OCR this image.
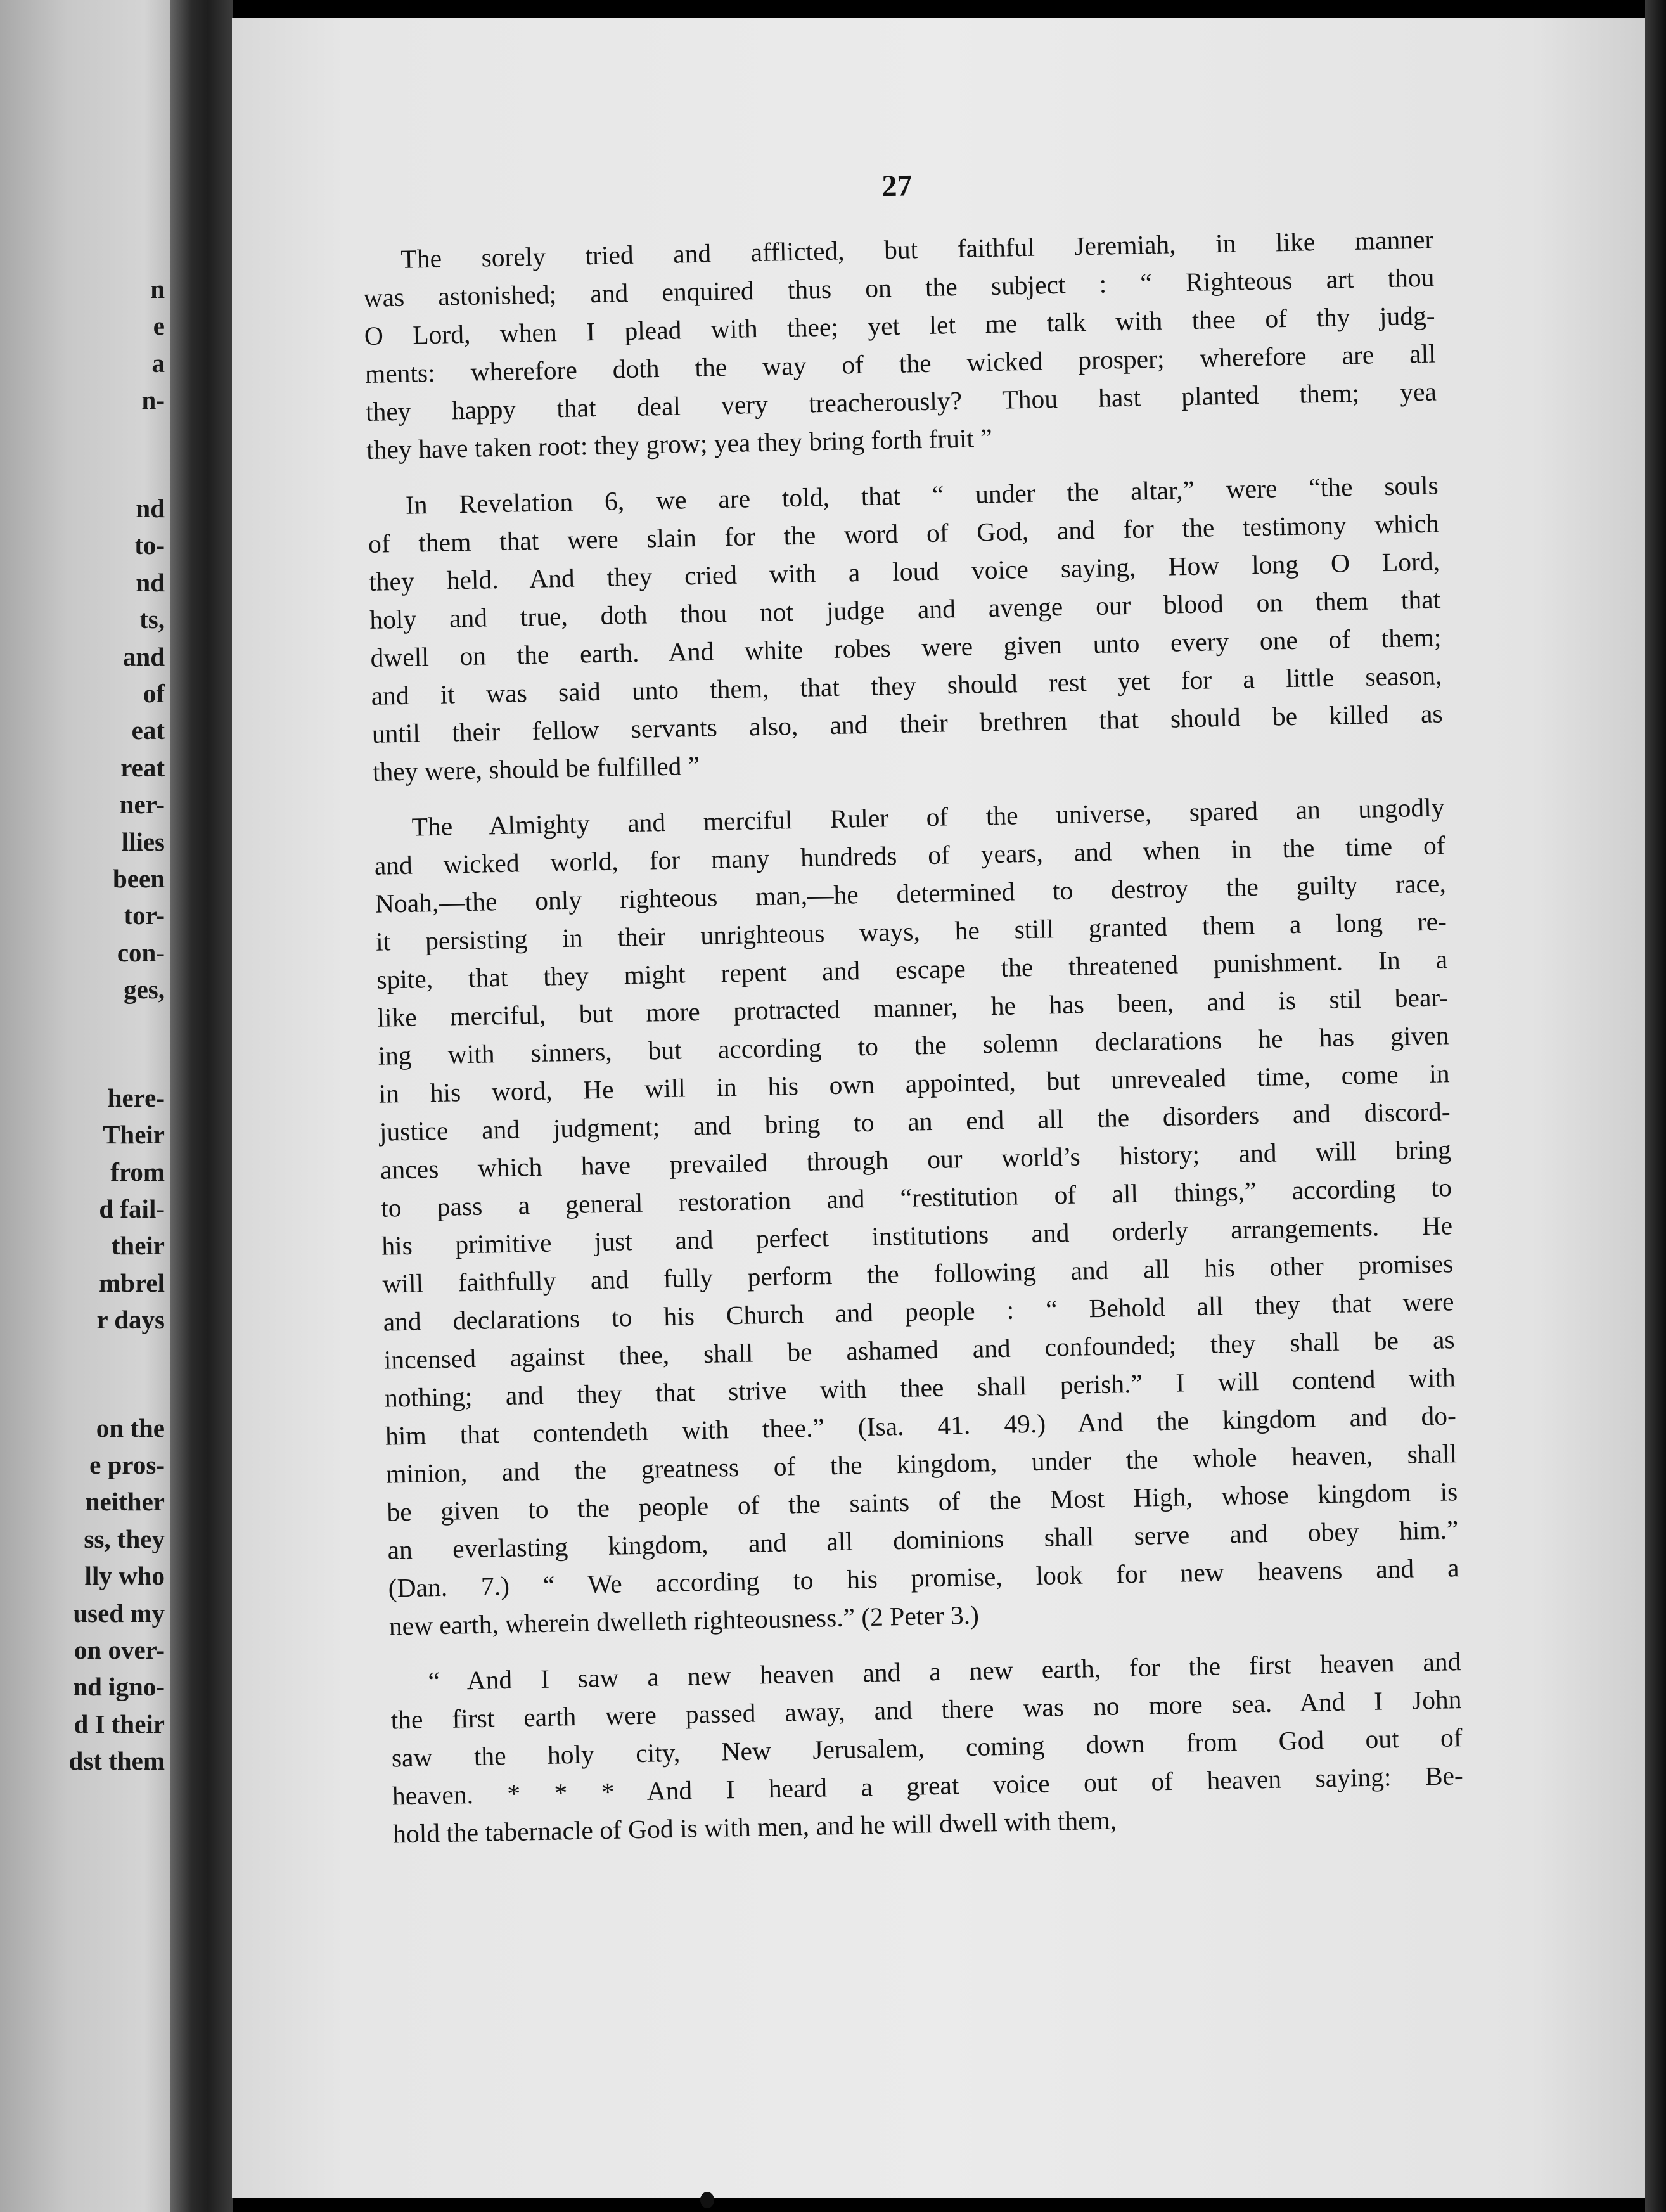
n
e
a
n-
nd
to-
nd
ts,
and
of
eat
reat
ner-
llies
been
tor-
con-
ges,
here-
Their
from
d fail-
their
mbrel
r days
on the
e pros-
neither
ss, they
lly who
used my
on over-
nd igno-
d I their
dst them
27
The sorely tried and afflicted, but faithful Jeremiah, in like manner
was astonished; and enquired thus on the subject : “ Righteous art thou
O Lord, when I plead with thee; yet let me talk with thee of thy judg-
ments: wherefore doth the way of the wicked prosper; wherefore are all
they happy that deal very treacherously? Thou hast planted them; yea
they have taken root: they grow; yea they bring forth fruit ”
In Revelation 6, we are told, that “ under the altar,” were “the souls
of them that were slain for the word of God, and for the testimony which
they held. And they cried with a loud voice saying, How long O Lord,
holy and true, doth thou not judge and avenge our blood on them that
dwell on the earth. And white robes were given unto every one of them;
and it was said unto them, that they should rest yet for a little season,
until their fellow servants also, and their brethren that should be killed as
they were, should be fulfilled ”
The Almighty and merciful Ruler of the universe, spared an ungodly
and wicked world, for many hundreds of years, and when in the time of
Noah,—the only righteous man,—he determined to destroy the guilty race,
it persisting in their unrighteous ways, he still granted them a long re-
spite, that they might repent and escape the threatened punishment. In a
like merciful, but more protracted manner, he has been, and is stil bear-
ing with sinners, but according to the solemn declarations he has given
in his word, He will in his own appointed, but unrevealed time, come in
justice and judgment; and bring to an end all the disorders and discord-
ances which have prevailed through our world’s history; and will bring
to pass a general restoration and “restitution of all things,” according to
his primitive just and perfect institutions and orderly arrangements. He
will faithfully and fully perform the following and all his other promises
and declarations to his Church and people : “ Behold all they that were
incensed against thee, shall be ashamed and confounded; they shall be as
nothing; and they that strive with thee shall perish.” I will contend with
him that contendeth with thee.” (Isa. 41. 49.) And the kingdom and do-
minion, and the greatness of the kingdom, under the whole heaven, shall
be given to the people of the saints of the Most High, whose kingdom is
an everlasting kingdom, and all dominions shall serve and obey him.”
(Dan. 7.) “ We according to his promise, look for new heavens and a
new earth, wherein dwelleth righteousness.” (2 Peter 3.)
“ And I saw a new heaven and a new earth, for the first heaven and
the first earth were passed away, and there was no more sea. And I John
saw the holy city, New Jerusalem, coming down from God out of
heaven. * * * And I heard a great voice out of heaven saying: Be-
hold the tabernacle of God is with men, and he will dwell with them,
